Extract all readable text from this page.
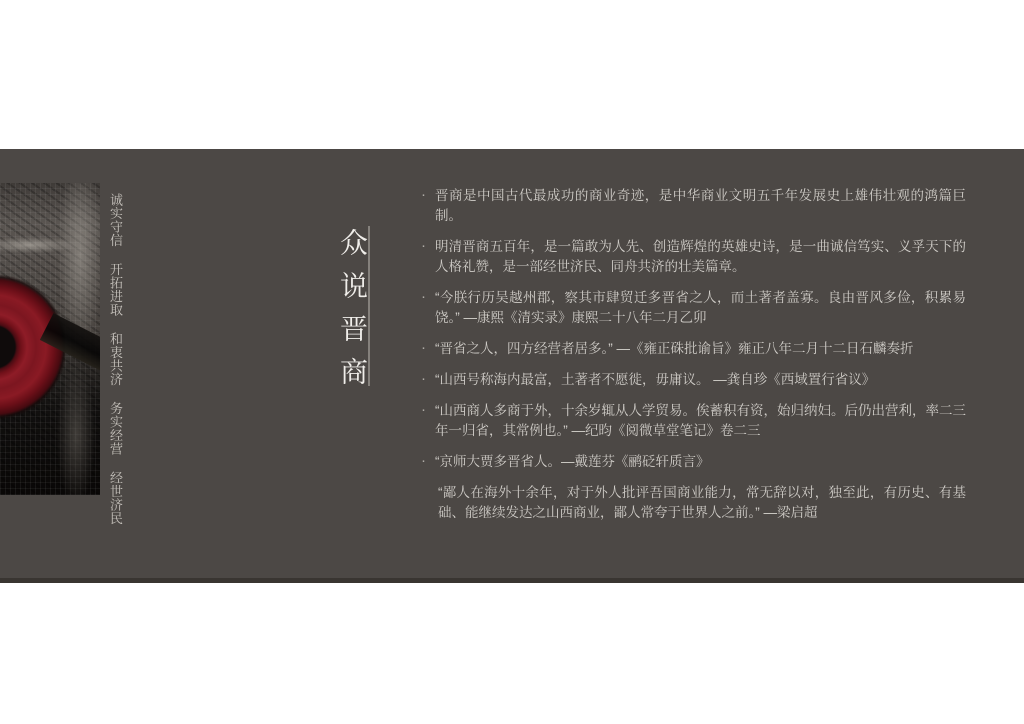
诚实守信 开拓进取 和衷共济 务实经营 经世济民	众说晋商
· 晋商是中国古代最成功的商业奇迹，是中华商业文明五千年发展史上雄伟壮观的鸿篇巨制。
· 明清晋商五百年，是一篇敢为人先、创造辉煌的英雄史诗，是一曲诚信笃实、义孚天下的人格礼赞，是一部经世济民、同舟共济的壮美篇章。
· “今朕行历吴越州郡，察其市肆贸迁多晋省之人，而土著者盖寡。良由晋风多俭，积累易饶。” —康熙《清实录》康熙二十八年二月乙卯
· “晋省之人，四方经营者居多。” —《雍正硃批谕旨》雍正八年二月十二日石麟奏折
· “山西号称海内最富，土著者不愿徙，毋庸议。 —龚自珍《西域置行省议》
· “山西商人多商于外，十余岁辄从人学贸易。俟蓄积有资，始归纳妇。后仍出营利，率二三年一归省，其常例也。” —纪昀《阅微草堂笔记》卷二三
· “京师大贾多晋省人。—戴莲芬《鹂砭轩质言》
“鄙人在海外十余年，对于外人批评吾国商业能力，常无辞以对，独至此，有历史、有基础、能继续发达之山西商业，鄙人常夸于世界人之前。” —梁启超
